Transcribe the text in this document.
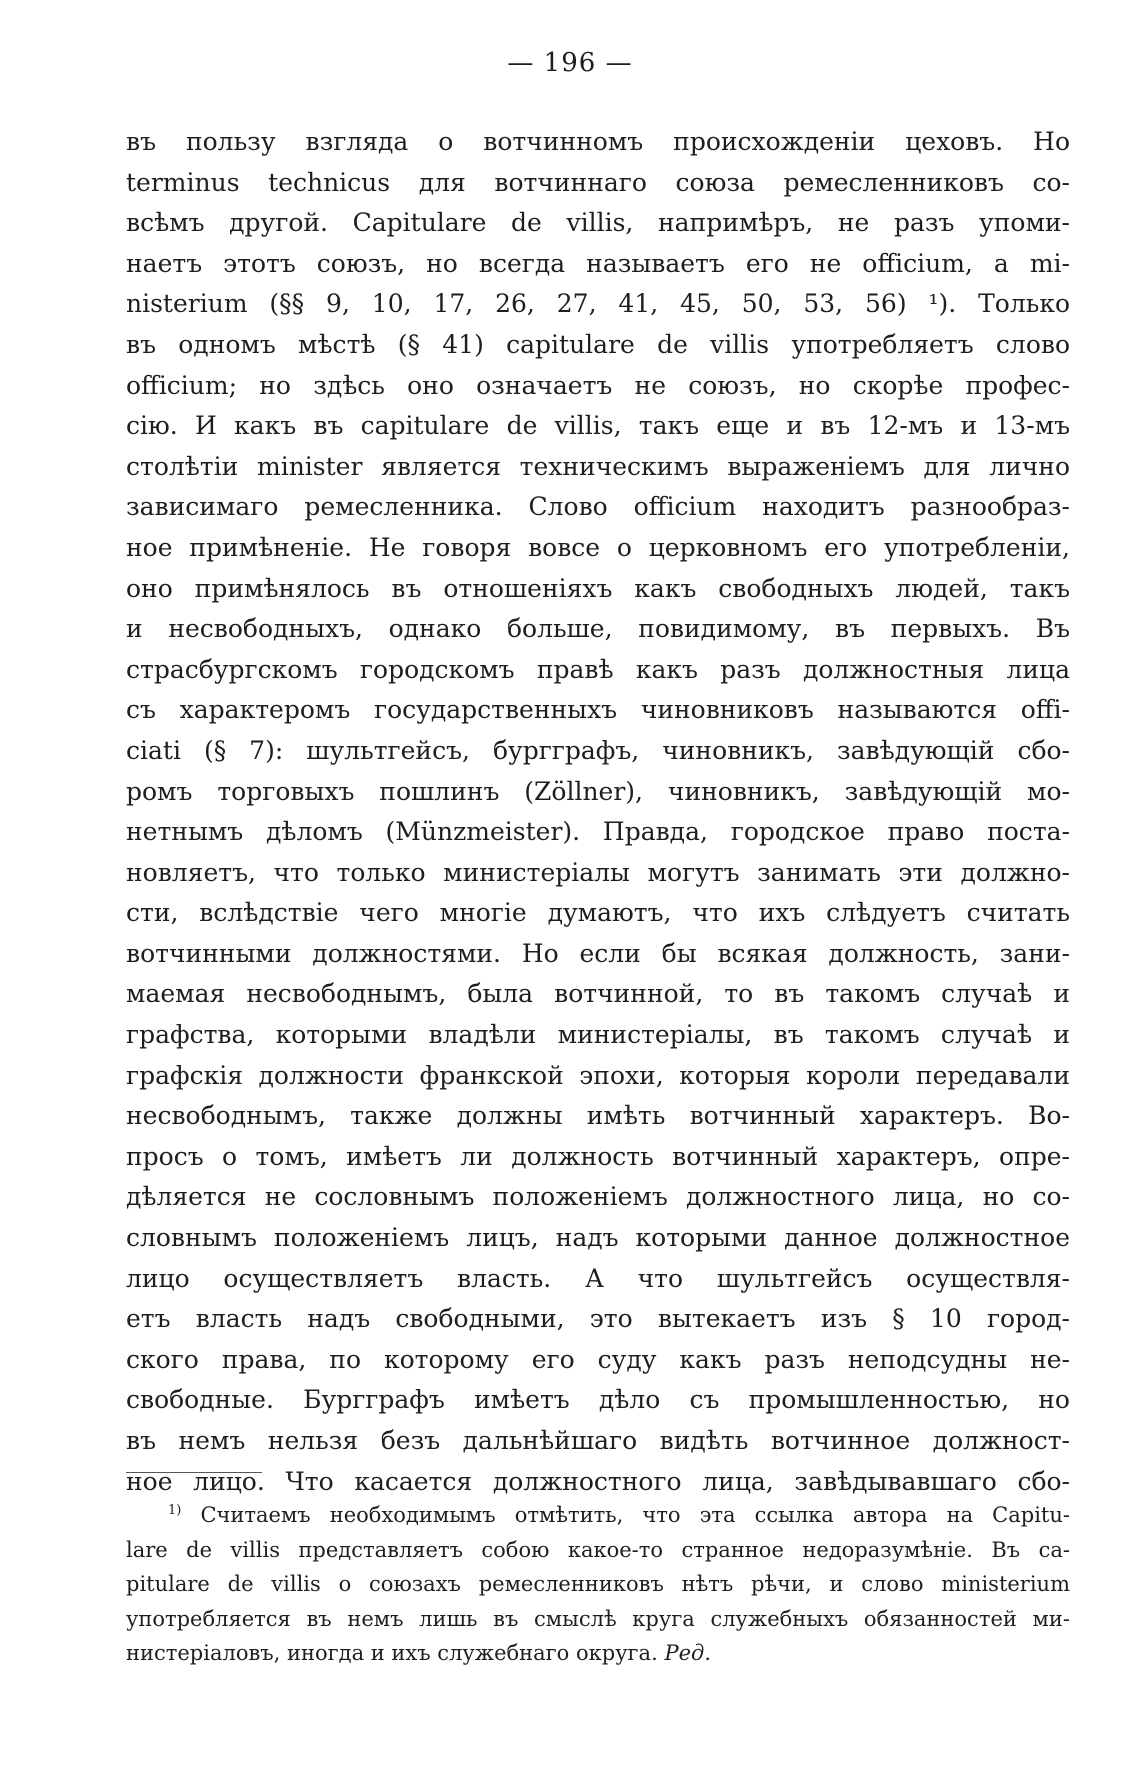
— 196 —
въ пользу взгляда о вотчинномъ происхожденіи цеховъ. Но
terminus technicus для вотчиннаго союза ремесленниковъ со-
всѣмъ другой. Capitulare de villis, напримѣръ, не разъ упоми-
наетъ этотъ союзъ, но всегда называетъ его не officium, а mi-
nisterium (§§ 9, 10, 17, 26, 27, 41, 45, 50, 53, 56) ¹). Только
въ одномъ мѣстѣ (§ 41) capitulare de villis употребляетъ слово
officium; но здѣсь оно означаетъ не союзъ, но скорѣе профес-
сію. И какъ въ capitulare de villis, такъ еще и въ 12-мъ и 13-мъ
столѣтіи minister является техническимъ выраженіемъ для лично
зависимаго ремесленника. Слово officium находитъ разнообраз-
ное примѣненіе. Не говоря вовсе о церковномъ его употребленіи,
оно примѣнялось въ отношеніяхъ какъ свободныхъ людей, такъ
и несвободныхъ, однако больше, повидимому, въ первыхъ. Въ
страсбургскомъ городскомъ правѣ какъ разъ должностныя лица
съ характеромъ государственныхъ чиновниковъ называются offi-
ciati (§ 7): шультгейсъ, бургграфъ, чиновникъ, завѣдующій сбо-
ромъ торговыхъ пошлинъ (Zöllner), чиновникъ, завѣдующій мо-
нетнымъ дѣломъ (Münzmeister). Правда, городское право поста-
новляетъ, что только министеріалы могутъ занимать эти должно-
сти, вслѣдствіе чего многіе думаютъ, что ихъ слѣдуетъ считать
вотчинными должностями. Но если бы всякая должность, зани-
маемая несвободнымъ, была вотчинной, то въ такомъ случаѣ и
графства, которыми владѣли министеріалы, въ такомъ случаѣ и
графскія должности франкской эпохи, которыя короли передавали
несвободнымъ, также должны имѣть вотчинный характеръ. Во-
просъ о томъ, имѣетъ ли должность вотчинный характеръ, опре-
дѣляется не сословнымъ положеніемъ должностного лица, но со-
словнымъ положеніемъ лицъ, надъ которыми данное должностное
лицо осуществляетъ власть. А что шультгейсъ осуществля-
етъ власть надъ свободными, это вытекаетъ изъ § 10 город-
ского права, по которому его суду какъ разъ неподсудны не-
свободные. Бургграфъ имѣетъ дѣло съ промышленностью, но
въ немъ нельзя безъ дальнѣйшаго видѣть вотчинное должност-
ное лицо. Что касается должностного лица, завѣдывавшаго сбо-
$^{1)}$ Считаемъ необходимымъ отмѣтить, что эта ссылка автора на Capitu-
lare de villis представляетъ собою какое-то странное недоразумѣніе. Въ ca-
pitulare de villis о союзахъ ремесленниковъ нѣтъ рѣчи, и слово ministerium
употребляется въ немъ лишь въ смыслѣ круга служебныхъ обязанностей ми-
нистеріаловъ, иногда и ихъ служебнаго округа. Ред.
